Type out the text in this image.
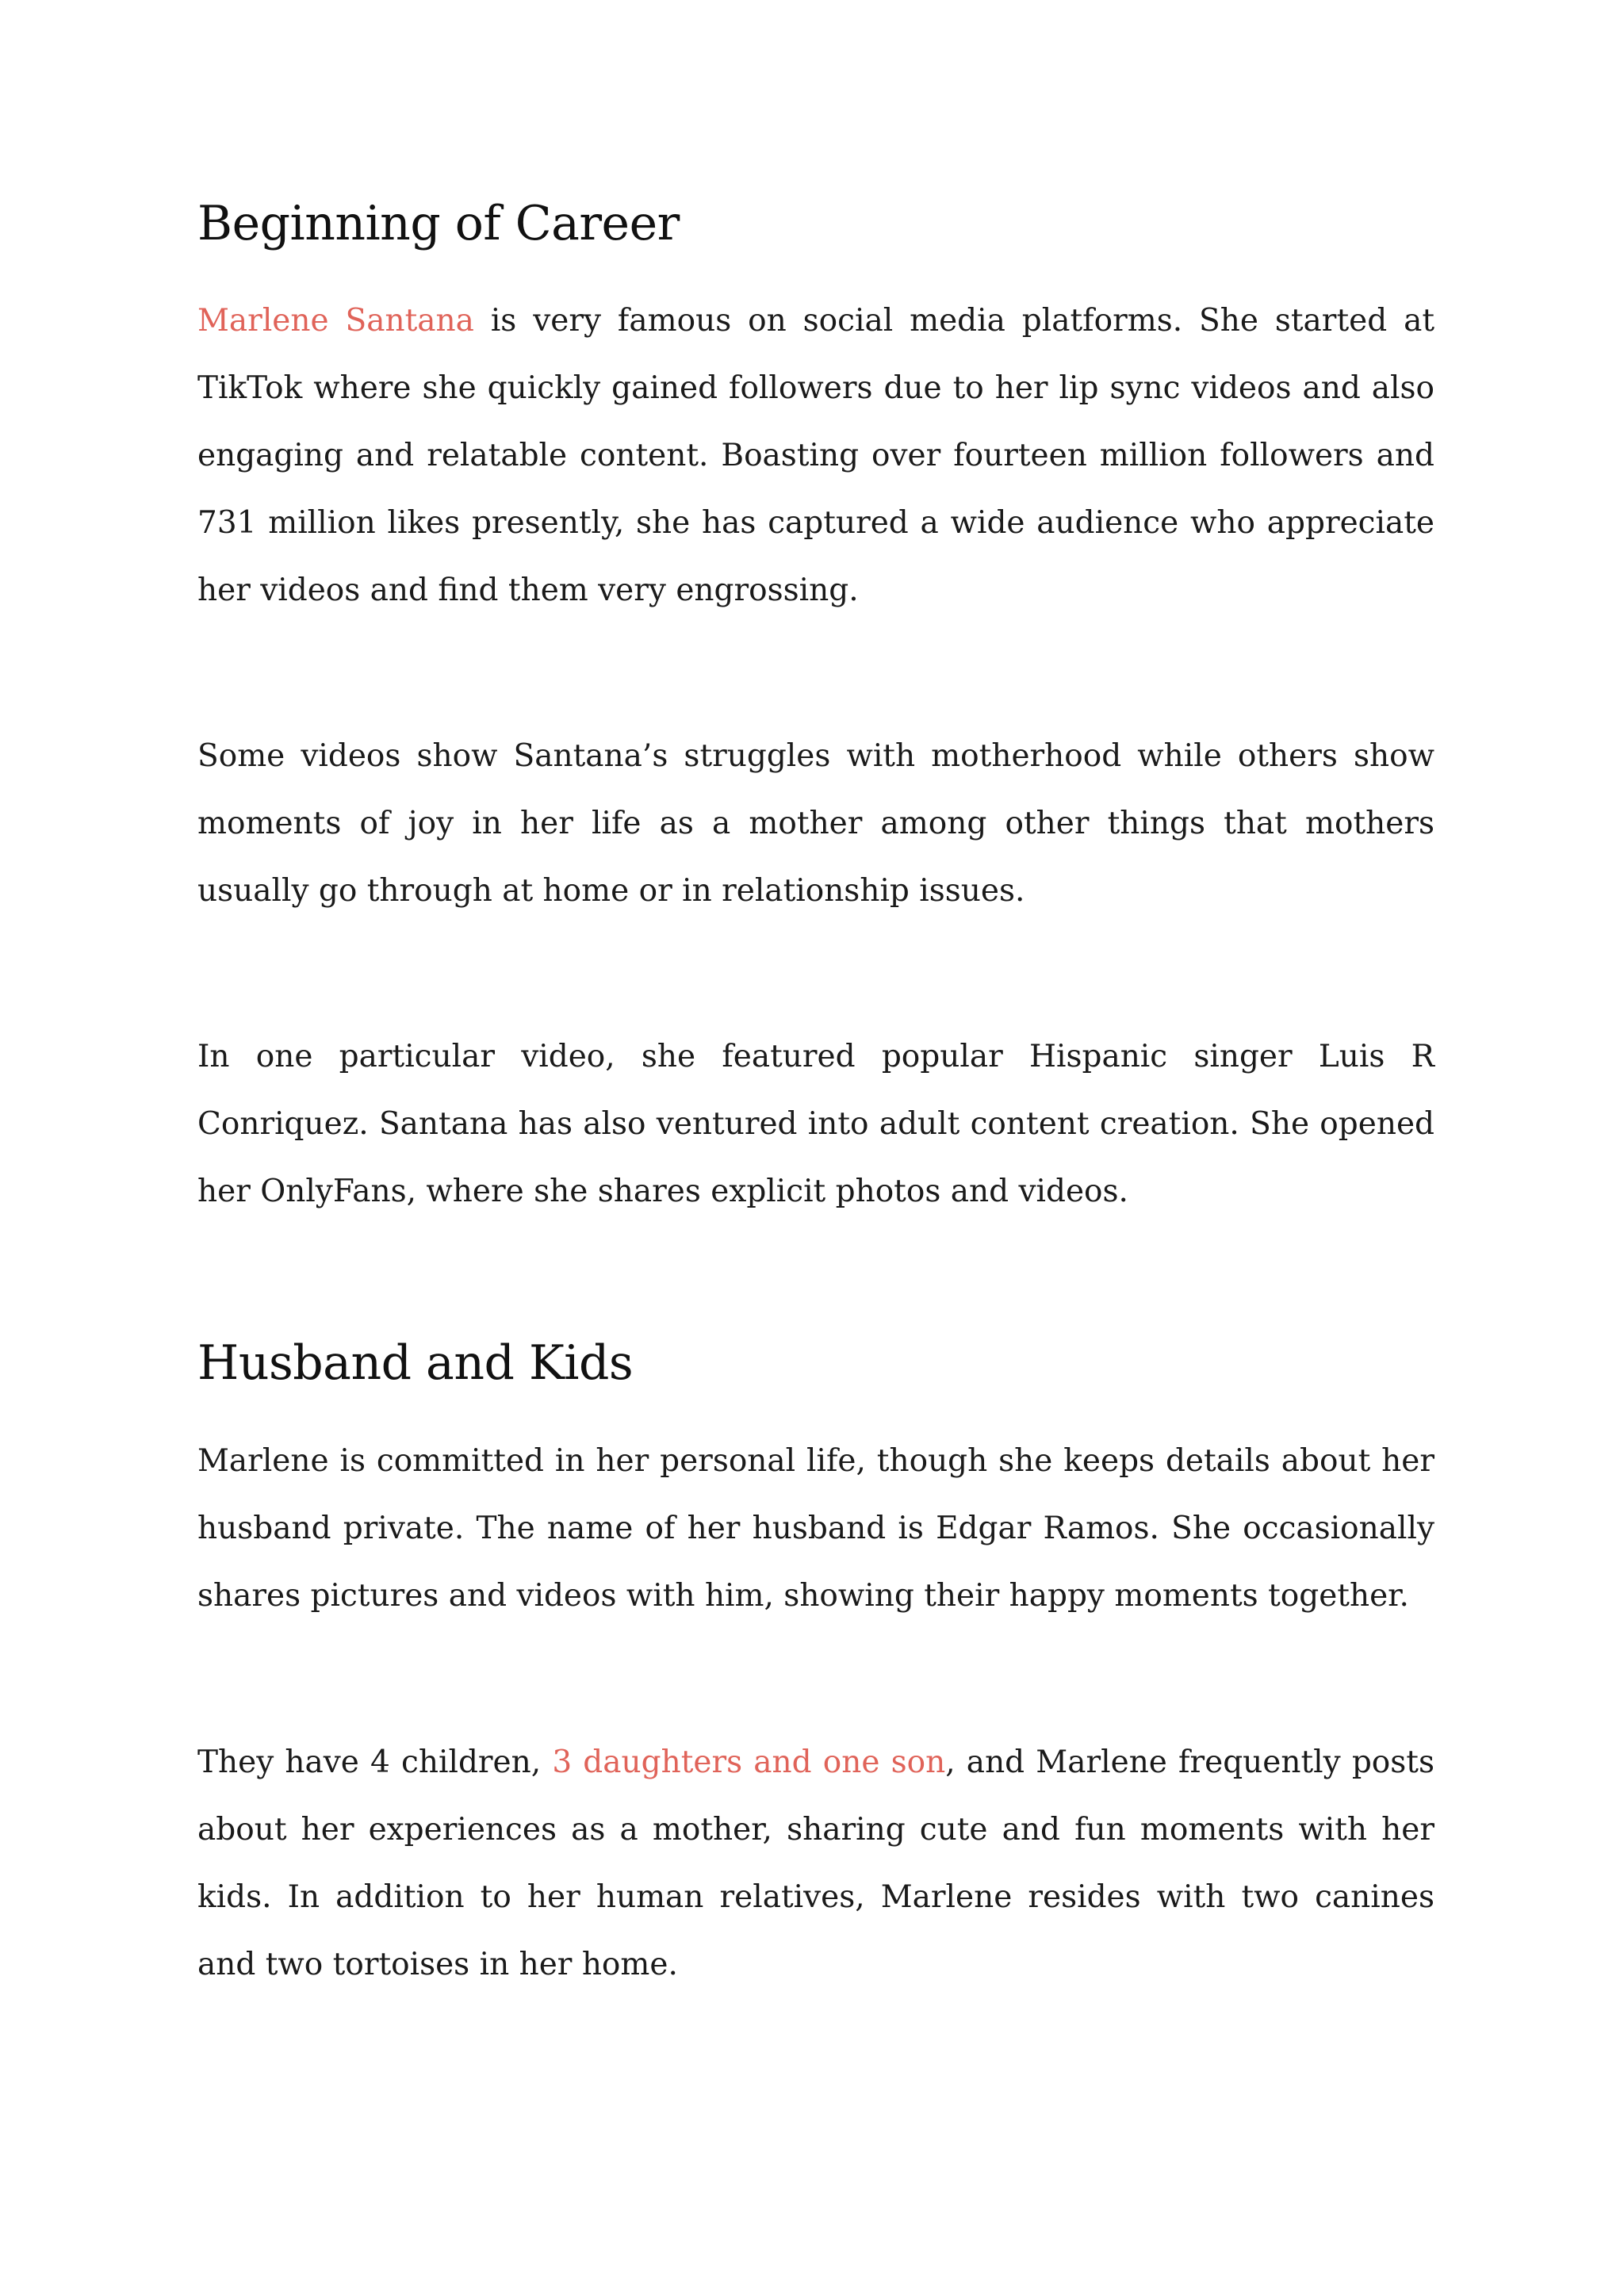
Beginning of Career

Marlene Santana is very famous on social media platforms. She started at TikTok where she quickly gained followers due to her lip sync videos and also engaging and relatable content. Boasting over fourteen million followers and 731 million likes presently, she has captured a wide audience who appreciate her videos and find them very engrossing.

Some videos show Santana’s struggles with motherhood while others show moments of joy in her life as a mother among other things that mothers usually go through at home or in relationship issues.

In one particular video, she featured popular Hispanic singer Luis R Conriquez. Santana has also ventured into adult content creation. She opened her OnlyFans, where she shares explicit photos and videos.

Husband and Kids

Marlene is committed in her personal life, though she keeps details about her husband private. The name of her husband is Edgar Ramos. She occasionally shares pictures and videos with him, showing their happy moments together.

They have 4 children, 3 daughters and one son, and Marlene frequently posts about her experiences as a mother, sharing cute and fun moments with her kids. In addition to her human relatives, Marlene resides with two canines and two tortoises in her home.
